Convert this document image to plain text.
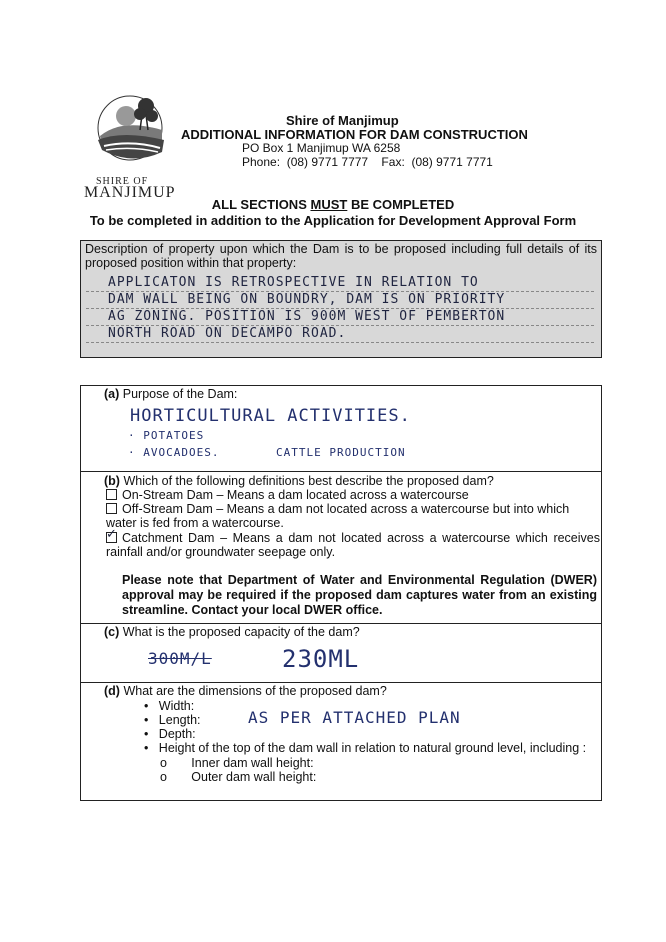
SHIRE OF
MANJIMUP
Shire of Manjimup
ADDITIONAL INFORMATION FOR DAM CONSTRUCTION
PO Box 1 Manjimup WA 6258
Phone:  (08) 9771 7777    Fax:  (08) 9771 7771
ALL SECTIONS MUST BE COMPLETED
To be completed in addition to the Application for Development Approval Form
Description of property upon which the Dam is to be proposed including full details of its proposed position within that property:
APPLICATON IS RETROSPECTIVE IN RELATION TO
DAM WALL BEING ON BOUNDRY, DAM IS ON PRIORITY
AG ZONING. POSITION IS 900M WEST OF PEMBERTON
NORTH ROAD ON DECAMPO ROAD.
(a) Purpose of the Dam:
HORTICULTURAL ACTIVITIES.
· POTATOES
· AVOCADOES.	CATTLE PRODUCTION
(b) Which of the following definitions best describe the proposed dam?
On-Stream Dam – Means a dam located across a watercourse
Off-Stream Dam – Means a dam not located across a watercourse but into which water is fed from a watercourse.
✓ Catchment Dam – Means a dam not located across a watercourse which receives rainfall and/or groundwater seepage only.
Please note that Department of Water and Environmental Regulation (DWER) approval may be required if the proposed dam captures water from an existing streamline. Contact your local DWER office.
(c) What is the proposed capacity of the dam?
300M/L	230ML
(d) What are the dimensions of the proposed dam?
•   Width:
•   Length:
•   Depth:
•   Height of the top of the dam wall in relation to natural ground level, including :
o       Inner dam wall height:
o       Outer dam wall height:
AS PER ATTACHED PLAN
